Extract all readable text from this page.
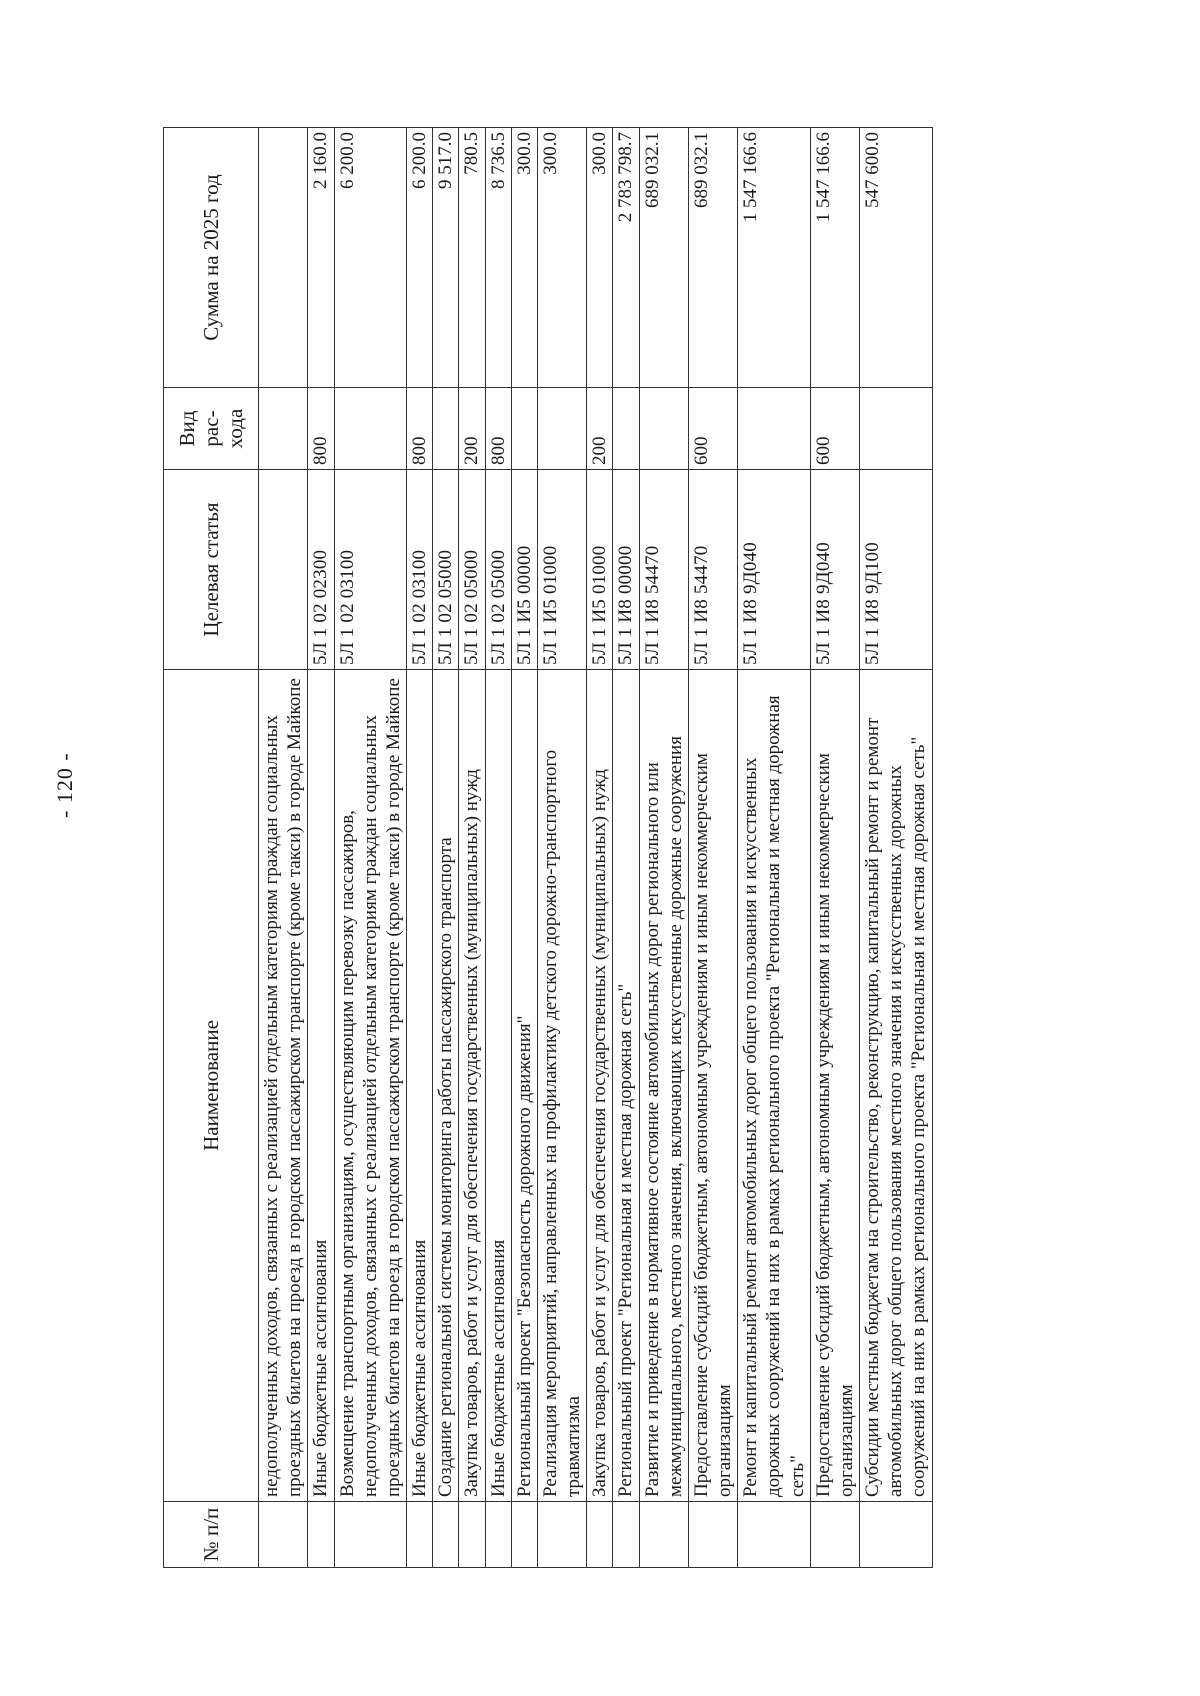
- 120 -
№ п/п	Наименование	Целевая статья	Вид рас-хода	Сумма на 2025 год
	недополученных доходов, связанных с реализацией отдельным категориям граждан социальных проездных билетов на проезд в городском пассажирском транспорте (кроме такси) в городе Майкопе			
	Иные бюджетные ассигнования	5Л 1 02 02300	800	2 160.0
	Возмещение транспортным организациям, осуществляющим перевозку пассажиров, недополученных доходов, связанных с реализацией отдельным категориям граждан социальных проездных билетов на проезд в городском пассажирском транспорте (кроме такси) в городе Майкопе	5Л 1 02 03100		6 200.0
	Иные бюджетные ассигнования	5Л 1 02 03100	800	6 200.0
	Создание региональной системы мониторинга работы пассажирского транспорта	5Л 1 02 05000		9 517.0
	Закупка товаров, работ и услуг для обеспечения государственных (муниципальных) нужд	5Л 1 02 05000	200	780.5
	Иные бюджетные ассигнования	5Л 1 02 05000	800	8 736.5
	Региональный проект "Безопасность дорожного движения"	5Л 1 И5 00000		300.0
	Реализация мероприятий, направленных на профилактику детского дорожно-транспортного травматизма	5Л 1 И5 01000		300.0
	Закупка товаров, работ и услуг для обеспечения государственных (муниципальных) нужд	5Л 1 И5 01000	200	300.0
	Региональный проект "Региональная и местная дорожная сеть"	5Л 1 И8 00000		2 783 798.7
	Развитие и приведение в нормативное состояние автомобильных дорог регионального или межмуниципального, местного значения, включающих искусственные дорожные сооружения	5Л 1 И8 54470		689 032.1
	Предоставление субсидий бюджетным, автономным учреждениям и иным некоммерческим организациям	5Л 1 И8 54470	600	689 032.1
	Ремонт и капитальный ремонт автомобильных дорог общего пользования и искусственных дорожных сооружений на них в рамках регионального проекта "Региональная и местная дорожная сеть"	5Л 1 И8 9Д040		1 547 166.6
	Предоставление субсидий бюджетным, автономным учреждениям и иным некоммерческим организациям	5Л 1 И8 9Д040	600	1 547 166.6
	Субсидии местным бюджетам на строительство, реконструкцию, капитальный ремонт и ремонт автомобильных дорог общего пользования местного значения и искусственных дорожных сооружений на них в рамках регионального проекта "Региональная и местная дорожная сеть"	5Л 1 И8 9Д100		547 600.0
